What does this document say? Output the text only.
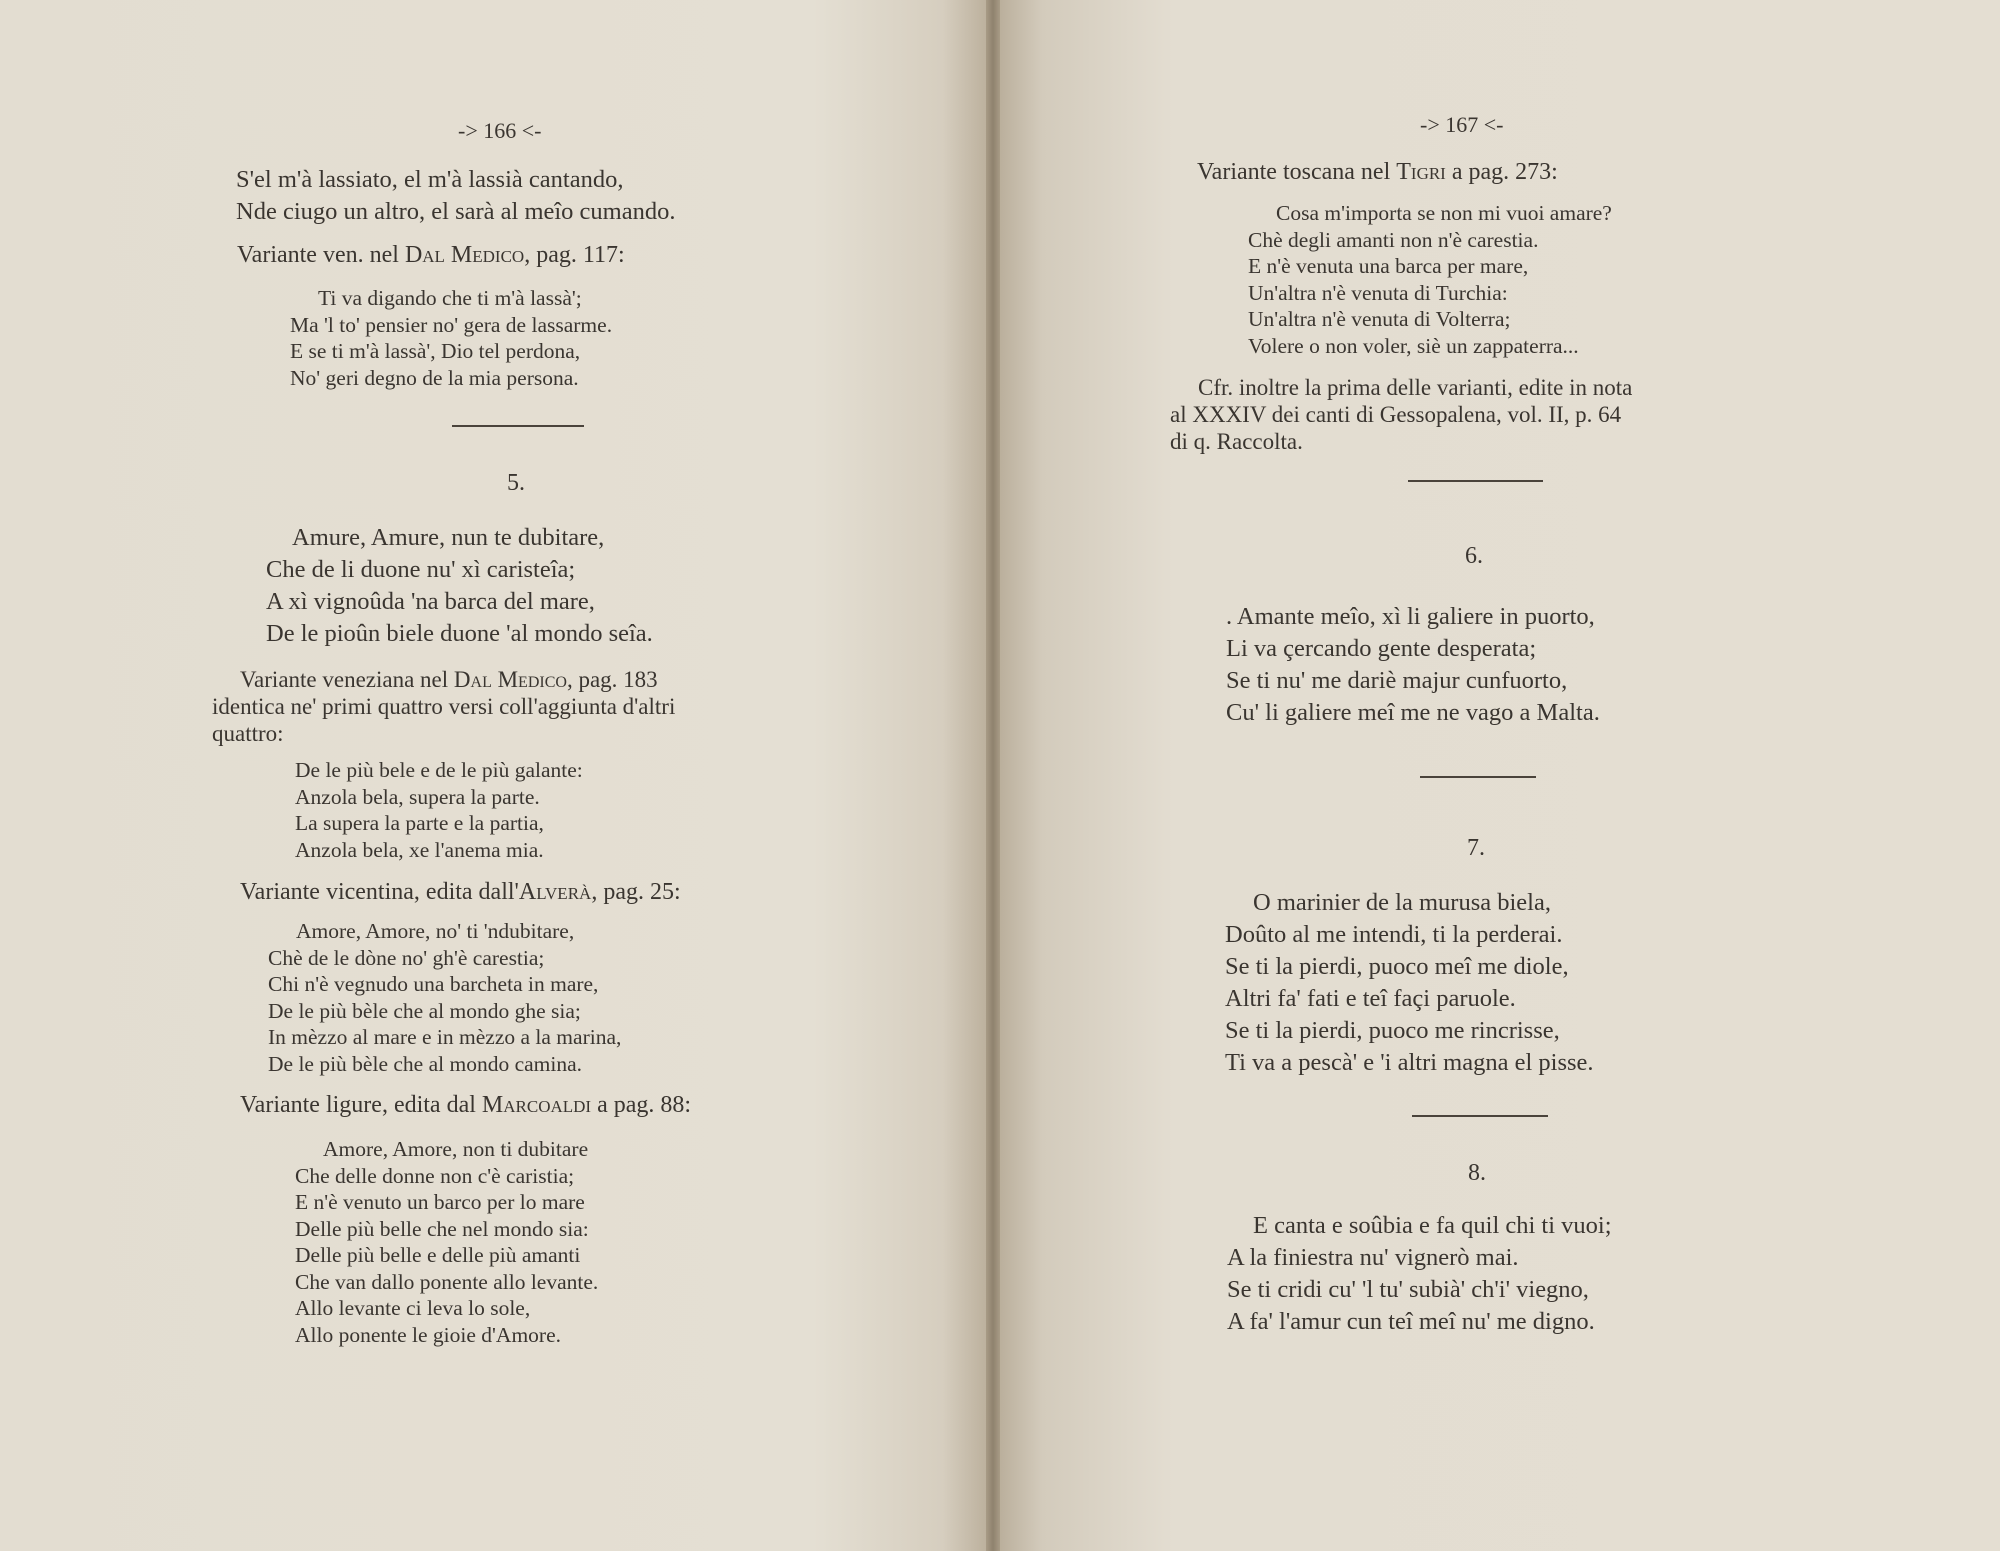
-> 166 <-
S'el m'à lassiato, el m'à lassià cantando,
Nde ciugo un altro, el sarà al meîo cumando.
Variante ven. nel Dal Medico, pag. 117:
Ti va digando che ti m'à lassà';
Ma 'l to' pensier no' gera de lassarme.
E se ti m'à lassà', Dio tel perdona,
No' geri degno de la mia persona.
5.
Amure, Amure, nun te dubitare,
Che de li duone nu' xì caristeîa;
A xì vignoûda 'na barca del mare,
De le pioûn biele duone 'al mondo seîa.
Variante veneziana nel Dal Medico, pag. 183
identica ne' primi quattro versi coll'aggiunta d'altri
quattro:
De le più bele e de le più galante:
Anzola bela, supera la parte.
La supera la parte e la partia,
Anzola bela, xe l'anema mia.
Variante vicentina, edita dall'Alverà, pag. 25:
Amore, Amore, no' ti 'ndubitare,
Chè de le dòne no' gh'è carestia;
Chi n'è vegnudo una barcheta in mare,
De le più bèle che al mondo ghe sia;
In mèzzo al mare e in mèzzo a la marina,
De le più bèle che al mondo camina.
Variante ligure, edita dal Marcoaldi a pag. 88:
Amore, Amore, non ti dubitare
Che delle donne non c'è caristia;
E n'è venuto un barco per lo mare
Delle più belle che nel mondo sia:
Delle più belle e delle più amanti
Che van dallo ponente allo levante.
Allo levante ci leva lo sole,
Allo ponente le gioie d'Amore.
-> 167 <-
Variante toscana nel Tigri a pag. 273:
Cosa m'importa se non mi vuoi amare?
Chè degli amanti non n'è carestia.
E n'è venuta una barca per mare,
Un'altra n'è venuta di Turchia:
Un'altra n'è venuta di Volterra;
Volere o non voler, siè un zappaterra...
Cfr. inoltre la prima delle varianti, edite in nota
al XXXIV dei canti di Gessopalena, vol. II, p. 64
di q. Raccolta.
6.
. Amante meîo, xì li galiere in puorto,
Li va çercando gente desperata;
Se ti nu' me dariè majur cunfuorto,
Cu' li galiere meî me ne vago a Malta.
7.
O marinier de la murusa biela,
Doûto al me intendi, ti la perderai.
Se ti la pierdi, puoco meî me diole,
Altri fa' fati e teî façi paruole.
Se ti la pierdi, puoco me rincrisse,
Ti va a pescà' e 'i altri magna el pisse.
8.
E canta e soûbia e fa quil chi ti vuoi;
A la finiestra nu' vignerò mai.
Se ti cridi cu' 'l tu' subià' ch'i' viegno,
A fa' l'amur cun teî meî nu' me digno.
